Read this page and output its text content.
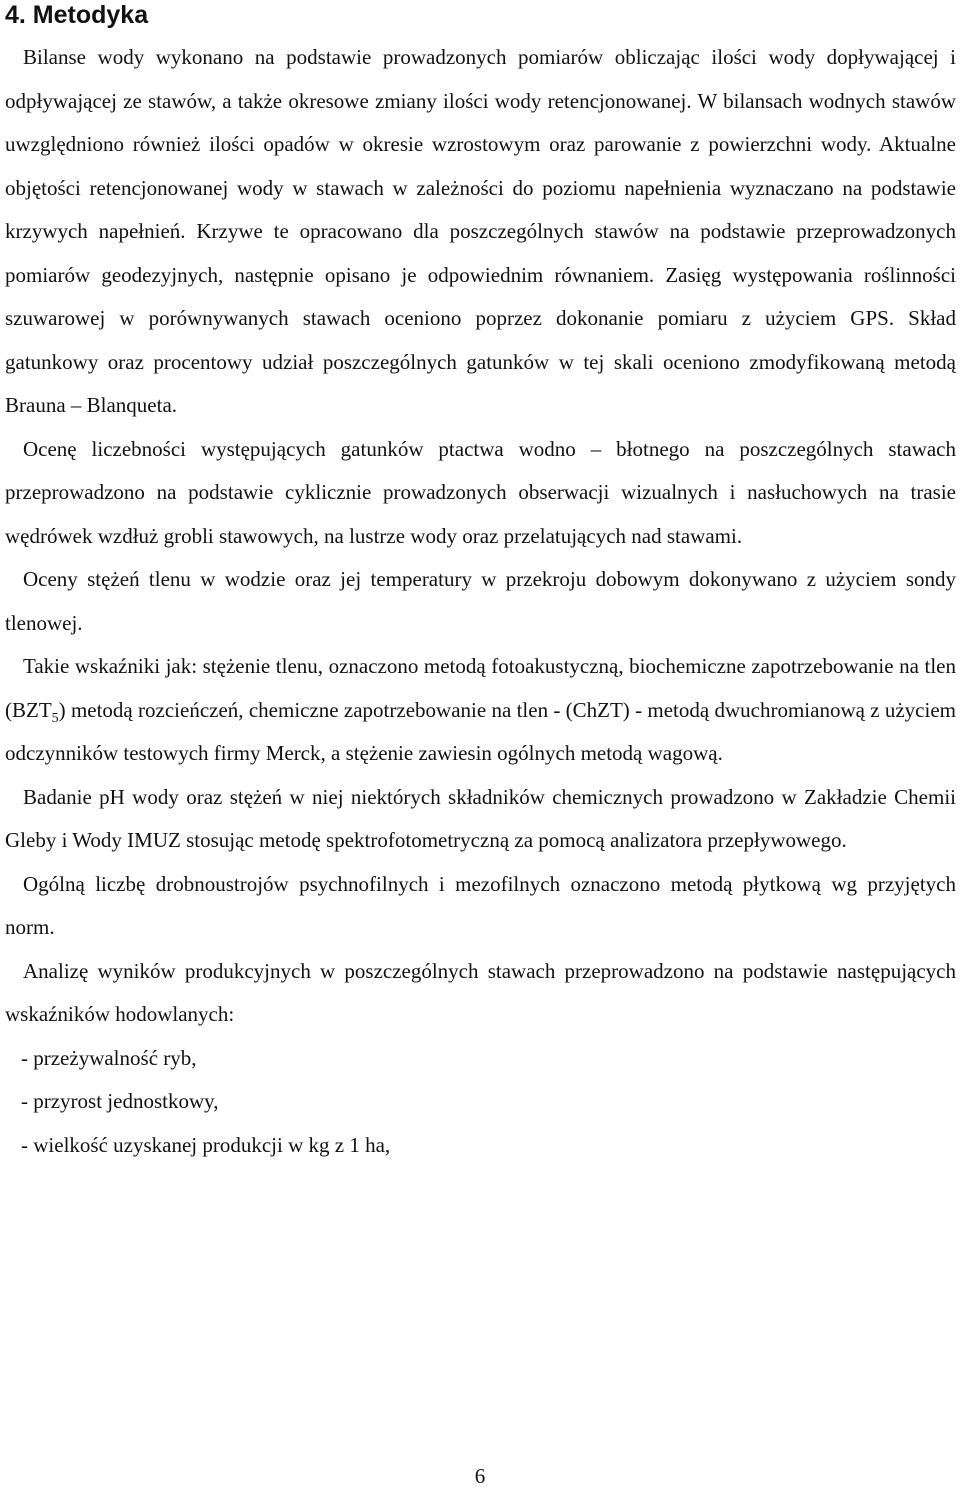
4. Metodyka

Bilanse wody wykonano na podstawie prowadzonych pomiarów obliczając ilości wody dopływającej i odpływającej ze stawów, a także okresowe zmiany ilości wody retencjonowanej. W bilansach wodnych stawów uwzględniono również ilości opadów w okresie wzrostowym oraz parowanie z powierzchni wody. Aktualne objętości retencjonowanej wody w stawach w zależności do poziomu napełnienia wyznaczano na podstawie krzywych napełnień. Krzywe te opracowano dla poszczególnych stawów na podstawie przeprowadzonych pomiarów geodezyjnych, następnie opisano je odpowiednim równaniem. Zasięg występowania roślinności szuwarowej w porównywanych stawach oceniono poprzez dokonanie pomiaru z użyciem GPS. Skład gatunkowy oraz procentowy udział poszczególnych gatunków w tej skali oceniono zmodyfikowaną metodą Brauna – Blanqueta.

Ocenę liczebności występujących gatunków ptactwa wodno – błotnego na poszczególnych stawach przeprowadzono na podstawie cyklicznie prowadzonych obserwacji wizualnych i nasłuchowych na trasie wędrówek wzdłuż grobli stawowych, na lustrze wody oraz przelatujących nad stawami.

Oceny stężeń tlenu w wodzie oraz jej temperatury w przekroju dobowym dokonywano z użyciem sondy tlenowej.

Takie wskaźniki jak: stężenie tlenu, oznaczono metodą fotoakustyczną, biochemiczne zapotrzebowanie na tlen $(BZT_5)$ metodą rozcieńczeń, chemiczne zapotrzebowanie na tlen - (ChZT) - metodą dwuchromianową z użyciem odczynników testowych firmy Merck, a stężenie zawiesin ogólnych metodą wagową.

Badanie pH wody oraz stężeń w niej niektórych składników chemicznych prowadzono w Zakładzie Chemii Gleby i Wody IMUZ stosując metodę spektrofotometryczną za pomocą analizatora przepływowego.

Ogólną liczbę drobnoustrojów psychnofilnych i mezofilnych oznaczono metodą płytkową wg przyjętych norm.

Analizę wyników produkcyjnych w poszczególnych stawach przeprowadzono na podstawie następujących wskaźników hodowlanych:

- przeżywalność ryb,
- przyrost jednostkowy,
- wielkość uzyskanej produkcji w kg z 1 ha,
6
